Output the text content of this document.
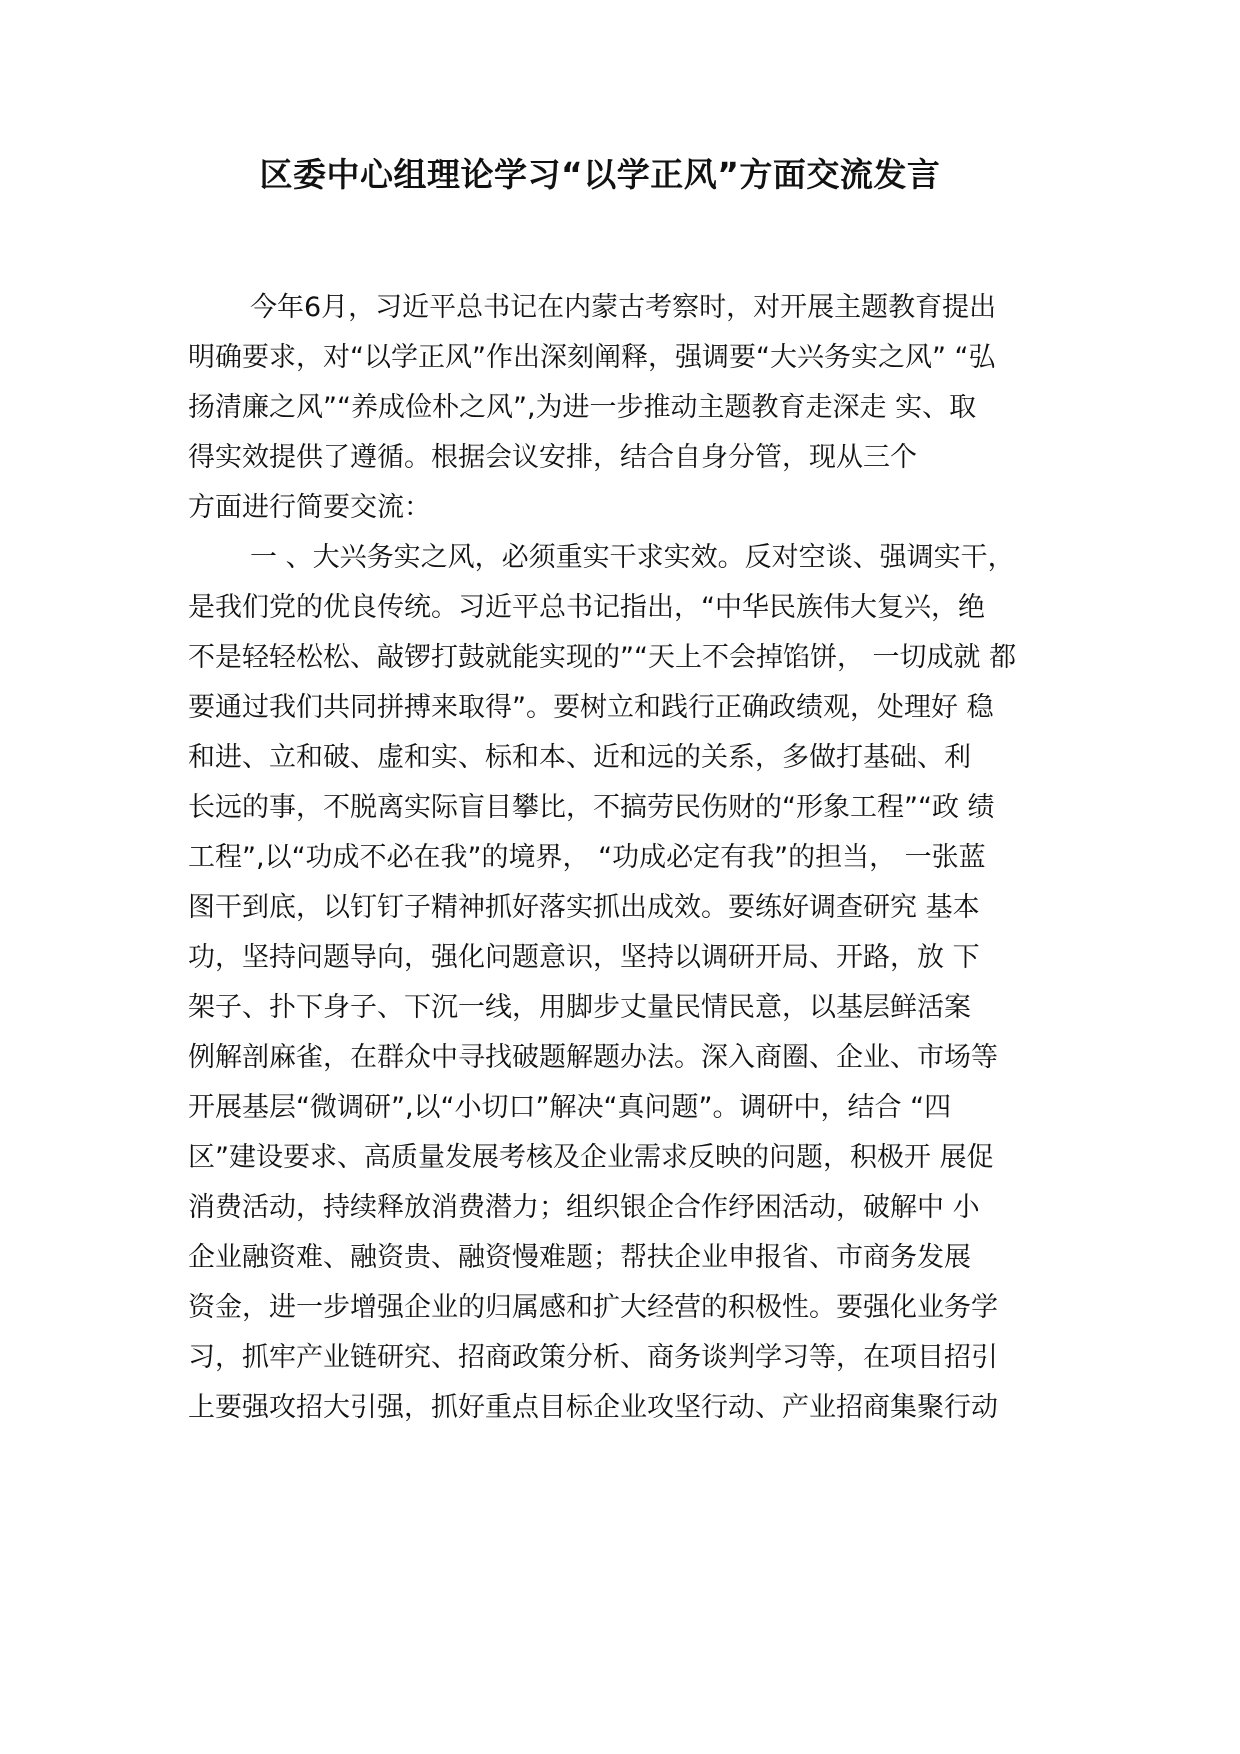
区委中心组理论学习“以学正风”方面交流发言
今年6月，习近平总书记在内蒙古考察时，对开展主题教育提出
明确要求，对“以学正风”作出深刻阐释，强调要“大兴务实之风” “弘
扬清廉之风”“养成俭朴之风”,为进一步推动主题教育走深走 实、取
得实效提供了遵循。根据会议安排，结合自身分管，现从三个
方面进行简要交流：
一 、大兴务实之风，必须重实干求实效。反对空谈、强调实干，
是我们党的优良传统。习近平总书记指出，“中华民族伟大复兴，绝
不是轻轻松松、敲锣打鼓就能实现的”“天上不会掉馅饼， 一切成就 都
要通过我们共同拼搏来取得”。要树立和践行正确政绩观，处理好 稳
和进、立和破、虚和实、标和本、近和远的关系，多做打基础、利
长远的事，不脱离实际盲目攀比，不搞劳民伤财的“形象工程”“政 绩
工程”,以“功成不必在我”的境界， “功成必定有我”的担当， 一张蓝
图干到底，以钉钉子精神抓好落实抓出成效。要练好调查研究 基本
功，坚持问题导向，强化问题意识，坚持以调研开局、开路，放 下
架子、扑下身子、下沉一线，用脚步丈量民情民意，以基层鲜活案
例解剖麻雀，在群众中寻找破题解题办法。深入商圈、企业、市场等
开展基层“微调研”,以“小切口”解决“真问题”。调研中，结合 “四
区”建设要求、高质量发展考核及企业需求反映的问题，积极开 展促
消费活动，持续释放消费潜力；组织银企合作纾困活动，破解中 小
企业融资难、融资贵、融资慢难题；帮扶企业申报省、市商务发展
资金，进一步增强企业的归属感和扩大经营的积极性。要强化业务学
习，抓牢产业链研究、招商政策分析、商务谈判学习等，在项目招引
上要强攻招大引强，抓好重点目标企业攻坚行动、产业招商集聚行动
